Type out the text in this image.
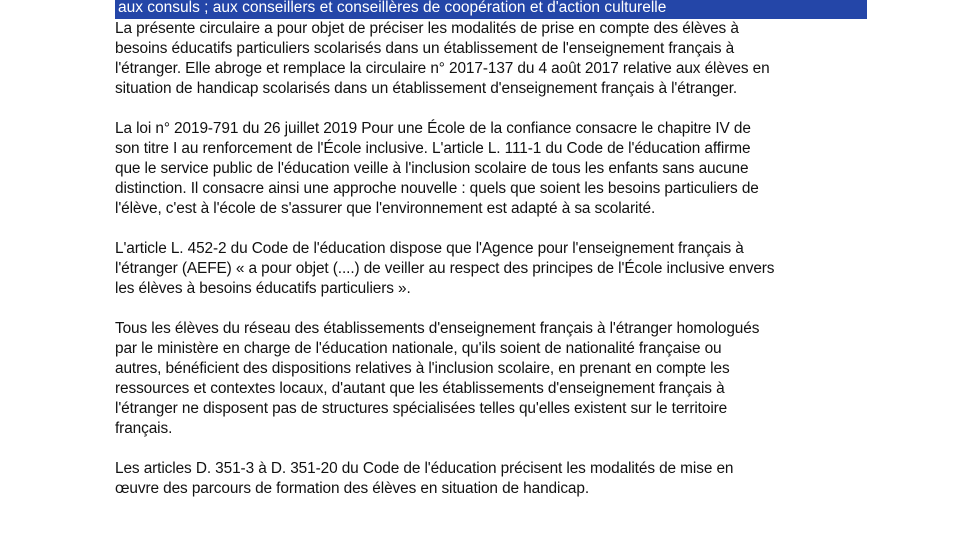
aux consuls ; aux conseillers et conseillères de coopération et d'action culturelle

La présente circulaire a pour objet de préciser les modalités de prise en compte des élèves à
besoins éducatifs particuliers scolarisés dans un établissement de l'enseignement français à
l'étranger. Elle abroge et remplace la circulaire n° 2017-137 du 4 août 2017 relative aux élèves en
situation de handicap scolarisés dans un établissement d'enseignement français à l'étranger.

La loi n° 2019-791 du 26 juillet 2019 Pour une École de la confiance consacre le chapitre IV de
son titre I au renforcement de l'École inclusive. L'article L. 111-1 du Code de l'éducation affirme
que le service public de l'éducation veille à l'inclusion scolaire de tous les enfants sans aucune
distinction. Il consacre ainsi une approche nouvelle : quels que soient les besoins particuliers de
l'élève, c'est à l'école de s'assurer que l'environnement est adapté à sa scolarité.

L'article L. 452-2 du Code de l'éducation dispose que l'Agence pour l'enseignement français à
l'étranger (AEFE) « a pour objet (....) de veiller au respect des principes de l'École inclusive envers
les élèves à besoins éducatifs particuliers ».

Tous les élèves du réseau des établissements d'enseignement français à l'étranger homologués
par le ministère en charge de l'éducation nationale, qu'ils soient de nationalité française ou
autres, bénéficient des dispositions relatives à l'inclusion scolaire, en prenant en compte les
ressources et contextes locaux, d'autant que les établissements d'enseignement français à
l'étranger ne disposent pas de structures spécialisées telles qu'elles existent sur le territoire
français.

Les articles D. 351-3 à D. 351-20 du Code de l'éducation précisent les modalités de mise en
œuvre des parcours de formation des élèves en situation de handicap.
